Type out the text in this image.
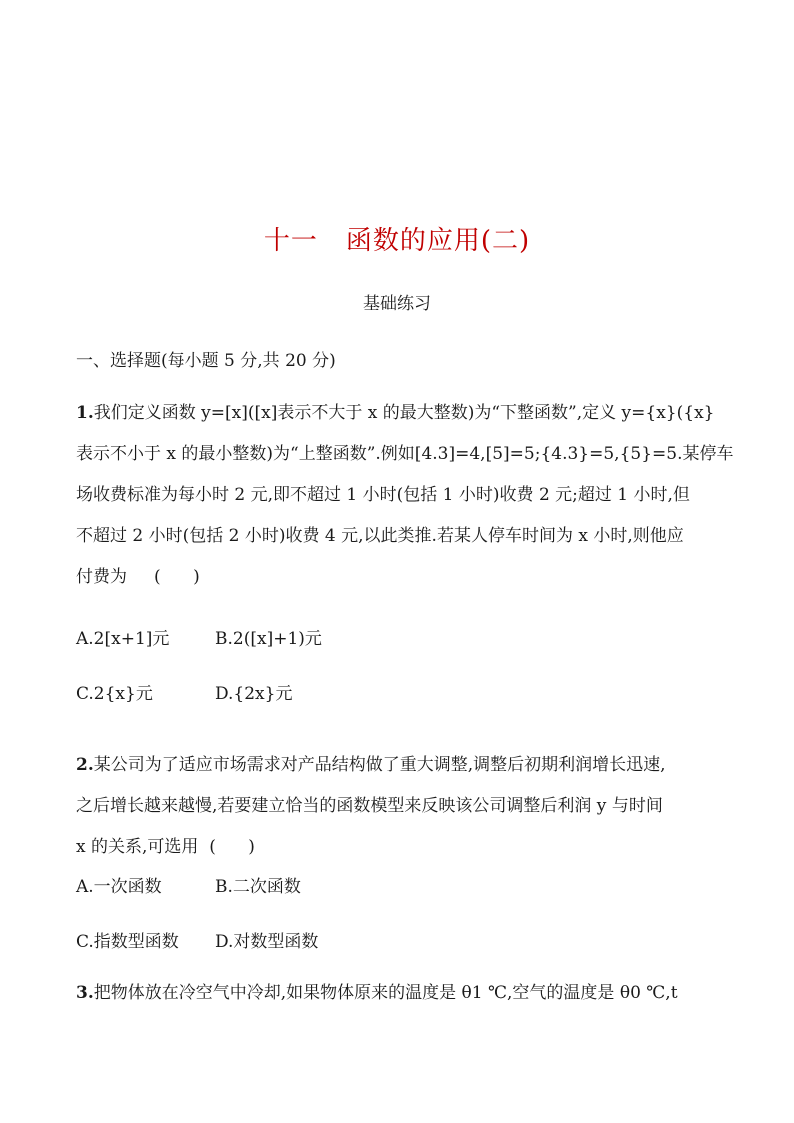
十一 函数的应用(二)
基础练习
一、选择题(每小题 5 分,共 20 分)
1.我们定义函数 y=[x]([x]表示不大于 x 的最大整数)为“下整函数”,定义 y={x}({x}
表示不小于 x 的最小整数)为“上整函数”.例如[4.3]=4,[5]=5;{4.3}=5,{5}=5.某停车
场收费标准为每小时 2 元,即不超过 1 小时(包括 1 小时)收费 2 元;超过 1 小时,但
不超过 2 小时(包括 2 小时)收费 4 元,以此类推.若某人停车时间为 x 小时,则他应
付费为     (      )
A.2[x+1]元	B.2([x]+1)元
C.2{x}元	D.{2x}元
2.某公司为了适应市场需求对产品结构做了重大调整,调整后初期利润增长迅速,
之后增长越来越慢,若要建立恰当的函数模型来反映该公司调整后利润 y 与时间
x 的关系,可选用  (      )
A.一次函数	B.二次函数
C.指数型函数 D.对数型函数
3.把物体放在冷空气中冷却,如果物体原来的温度是 θ1 ℃,空气的温度是 θ0 ℃,t
